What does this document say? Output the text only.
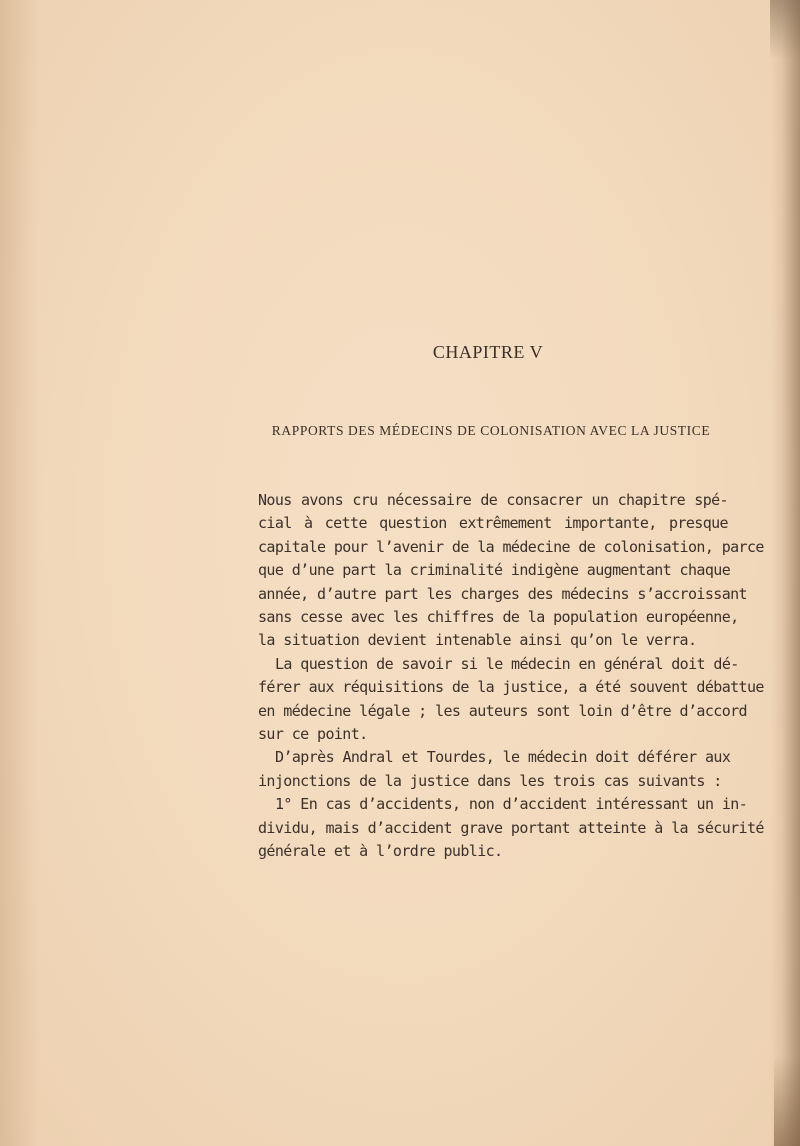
CHAPITRE V
RAPPORTS DES MÉDECINS DE COLONISATION AVEC LA JUSTICE
Nous avons cru nécessaire de consacrer un chapitre spé-
cial à cette question extrêmement importante, presque
capitale pour l’avenir de la médecine de colonisation, parce
que d’une part la criminalité indigène augmentant chaque
année, d’autre part les charges des médecins s’accroissant
sans cesse avec les chiffres de la population européenne,
la situation devient intenable ainsi qu’on le verra.
La question de savoir si le médecin en général doit dé-
férer aux réquisitions de la justice, a été souvent débattue
en médecine légale ; les auteurs sont loin d’être d’accord
sur ce point.
D’après Andral et Tourdes, le médecin doit déférer aux
injonctions de la justice dans les trois cas suivants :
1° En cas d’accidents, non d’accident intéressant un in-
dividu, mais d’accident grave portant atteinte à la sécurité
générale et à l’ordre public.
